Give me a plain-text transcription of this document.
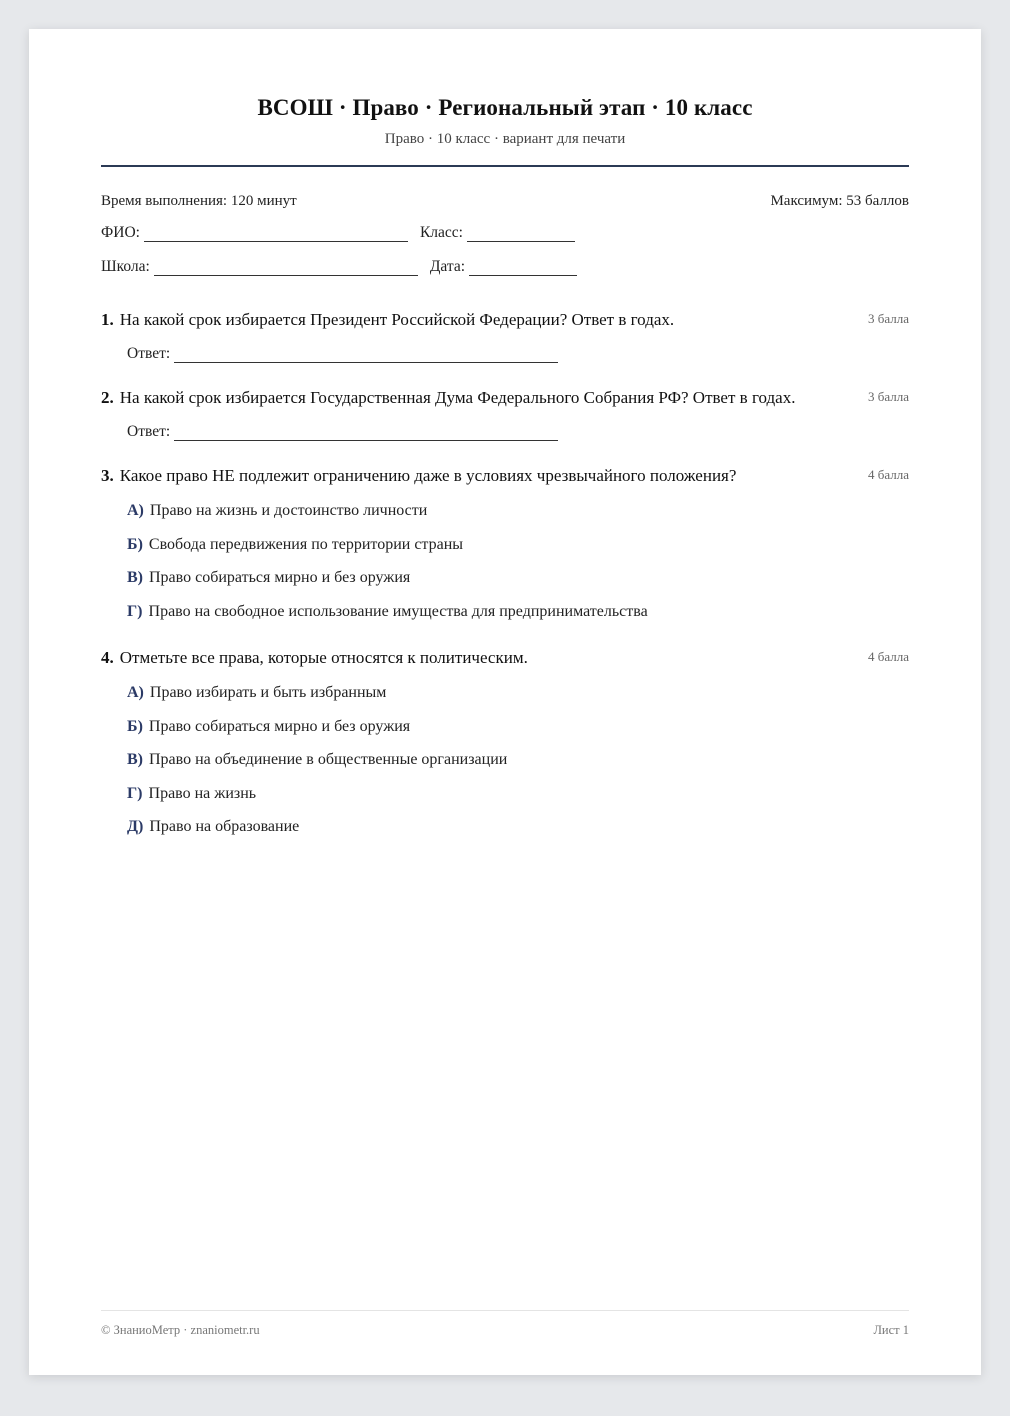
ВСОШ · Право · Региональный этап · 10 класс
Право · 10 класс · вариант для печати
Время выполнения: 120 минут	Максимум: 53 баллов
ФИО:	Класс:
Школа:	Дата:
1. На какой срок избирается Президент Российской Федерации? Ответ в годах.	3 балла
Ответ:
2. На какой срок избирается Государственная Дума Федерального Собрания РФ? Ответ в годах.	3 балла
Ответ:
3. Какое право НЕ подлежит ограничению даже в условиях чрезвычайного положения?	4 балла
А) Право на жизнь и достоинство личности
Б) Свобода передвижения по территории страны
В) Право собираться мирно и без оружия
Г) Право на свободное использование имущества для предпринимательства
4. Отметьте все права, которые относятся к политическим.	4 балла
А) Право избирать и быть избранным
Б) Право собираться мирно и без оружия
В) Право на объединение в общественные организации
Г) Право на жизнь
Д) Право на образование
© ЗнаниоМетр · znaniometr.ru	Лист 1
